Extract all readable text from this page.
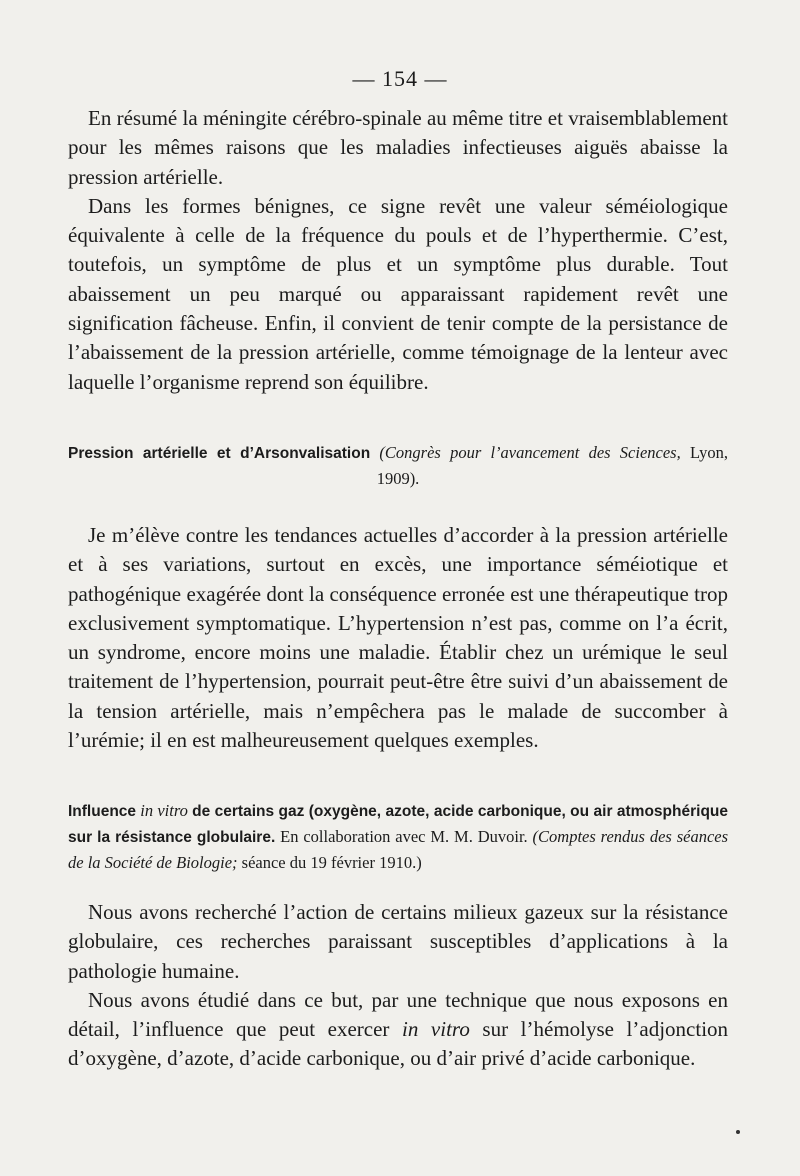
— 154 —

En résumé la méningite cérébro-spinale au même titre et vraisemblablement pour les mêmes raisons que les maladies infectieuses aiguës abaisse la pression artérielle.

Dans les formes bénignes, ce signe revêt une valeur séméiologique équivalente à celle de la fréquence du pouls et de l’hyperthermie. C’est, toutefois, un symptôme de plus et un symptôme plus durable. Tout abaissement un peu marqué ou apparaissant rapidement revêt une signification fâcheuse. Enfin, il convient de tenir compte de la persistance de l’abaissement de la pression artérielle, comme témoignage de la lenteur avec laquelle l’organisme reprend son équilibre.

Pression artérielle et d’Arsonvalisation (Congrès pour l’avancement des Sciences, Lyon, 1909).

Je m’élève contre les tendances actuelles d’accorder à la pression artérielle et à ses variations, surtout en excès, une importance séméiotique et pathogénique exagérée dont la conséquence erronée est une thérapeutique trop exclusivement symptomatique. L’hypertension n’est pas, comme on l’a écrit, un syndrome, encore moins une maladie. Établir chez un urémique le seul traitement de l’hypertension, pourrait peut-être être suivi d’un abaissement de la tension artérielle, mais n’empêchera pas le malade de succomber à l’urémie; il en est malheureusement quelques exemples.

Influence in vitro de certains gaz (oxygène, azote, acide carbonique, ou air atmosphérique sur la résistance globulaire. En collaboration avec M. M. Duvoir. (Comptes rendus des séances de la Société de Biologie; séance du 19 février 1910.)

Nous avons recherché l’action de certains milieux gazeux sur la résistance globulaire, ces recherches paraissant susceptibles d’applications à la pathologie humaine.

Nous avons étudié dans ce but, par une technique que nous exposons en détail, l’influence que peut exercer in vitro sur l’hémolyse l’adjonction d’oxygène, d’azote, d’acide carbonique, ou d’air privé d’acide carbonique.
